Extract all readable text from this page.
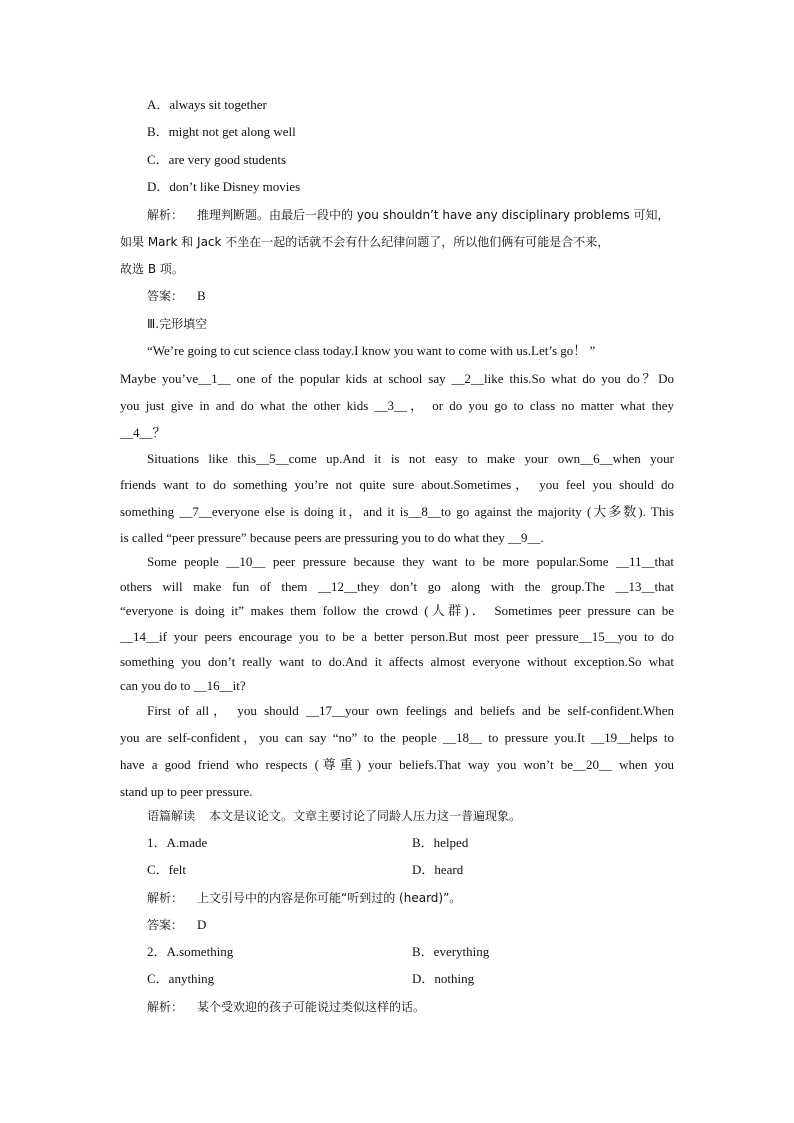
A．always sit together
B．might not get along well
C．are very good students
D．don’t like Disney movies
解析： 推理判断题。由最后一段中的 you shouldn’t have any disciplinary problems 可知，
如果 Mark 和 Jack 不坐在一起的话就不会有什么纪律问题了，所以他们俩有可能是合不来，
故选 B 项。
答案： B
Ⅲ.完形填空
“We’re going to cut science class today.I know you want to come with us.Let’s go！ ”
Maybe you’ve__1__ one of the popular kids at school say __2__like this.So what do you do？Do
you just give in and do what the other kids __3__， or do you go to class no matter what they
__4__？
Situations like this__5__come up.And it is not easy to make your own__6__when your
friends want to do something you’re not quite sure about.Sometimes， you feel you should do
something __7__everyone else is doing it，and it is__8__to go against the majority (大多数). This
is called “peer pressure” because peers are pressuring you to do what they __9__.
Some people __10__ peer pressure because they want to be more popular.Some __11__that
others will make fun of them __12__they don’t go along with the group.The __13__that
“everyone is doing it” makes them follow the crowd (人群)． Sometimes peer pressure can be
__14__if your peers encourage you to be a better person.But most peer pressure__15__you to do
something you don’t really want to do.And it affects almost everyone without exception.So what
can you do to __16__it?
First of all， you should __17__your own feelings and beliefs and be self-confident.When
you are self-confident，you can say “no” to the people __18__ to pressure you.It __19__helps to
have a good friend who respects (尊重) your beliefs.That way you won’t be__20__ when you
stand up to peer pressure.
语篇解读 本文是议论文。文章主要讨论了同龄人压力这一普遍现象。
1．A.made	B．helped
C．felt	D．heard
解析： 上文引号中的内容是你可能“听到过的 (heard)”。
答案： D
2．A.something	B．everything
C．anything	D．nothing
解析： 某个受欢迎的孩子可能说过类似这样的话。
